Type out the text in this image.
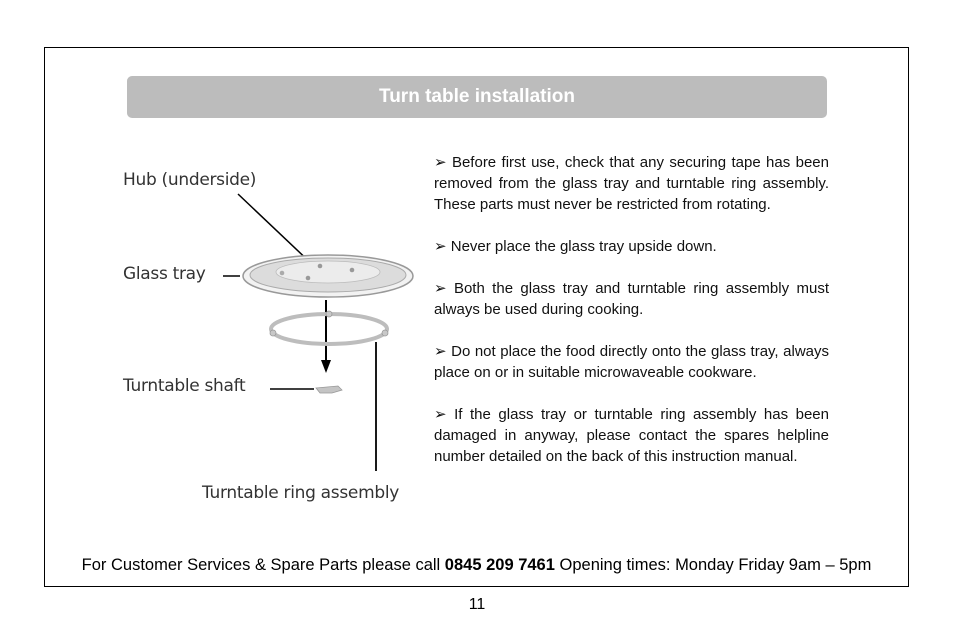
Turn table installation
Hub (underside)
Glass tray
Turntable shaft
Turntable ring assembly

➢ Before first use, check that any securing tape has been removed from the glass tray and turntable ring assembly. These parts must never be restricted from rotating.

➢ Never place the glass tray upside down.

➢ Both the glass tray and turntable ring assembly must always be used during cooking.

➢ Do not place the food directly onto the glass tray, always place on or in suitable microwaveable cookware.

➢ If the glass tray or turntable ring assembly has been damaged in anyway, please contact the spares helpline number detailed on the back of this instruction manual.

For Customer Services & Spare Parts please call 0845 209 7461 Opening times: Monday Friday 9am – 5pm
11
